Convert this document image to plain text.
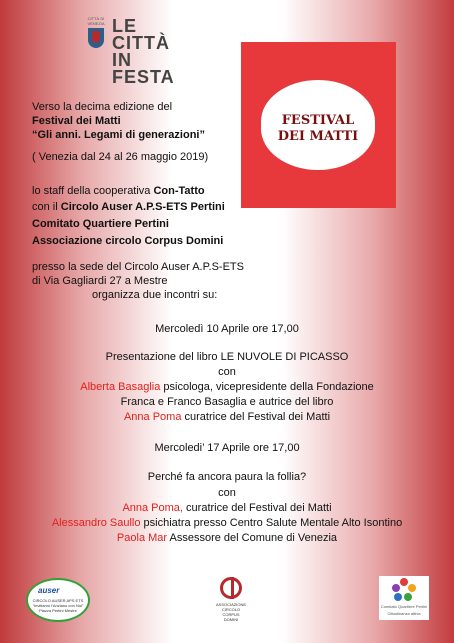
CITTÀ DI VENEZIA LE
CITTÀ
IN
FESTA
FESTIVAL
DEI MATTI
Verso la decima edizione del
Festival dei Matti
“Gli anni. Legami di generazioni”
( Venezia dal 24 al 26 maggio 2019)
lo staff della cooperativa Con-Tatto
con il Circolo Auser A.P.S-ETS Pertini
Comitato Quartiere Pertini
Associazione circolo Corpus Domini
presso la sede del Circolo Auser A.P.S-ETS
di Via Gagliardi 27 a Mestre
organizza due incontri su:
Mercoledì 10 Aprile ore 17,00
Presentazione del libro LE NUVOLE DI PICASSO
con
Alberta Basaglia psicologa, vicepresidente della Fondazione
Franca e Franco Basaglia e autrice del libro
Anna Poma curatrice del Festival dei Matti
Mercoledi’ 17 Aprile ore 17,00
Perché fa ancora paura la follia?
con
Anna Poma, curatrice del Festival dei Matti
Alessandro Saullo psichiatra presso Centro Salute Mentale Alto Isontino
Paola Mar Assessore del Comune di Venezia
auser
CIRCOLO AUSER APS ETS
“Invitiamo l'Anziano con Noi”
Piazza Pertini Mestre
ASSOCIAZIONE CIRCOLO CORPUS DOMINI
Comitato Quartiere Pertini
Cittadinanza attiva
